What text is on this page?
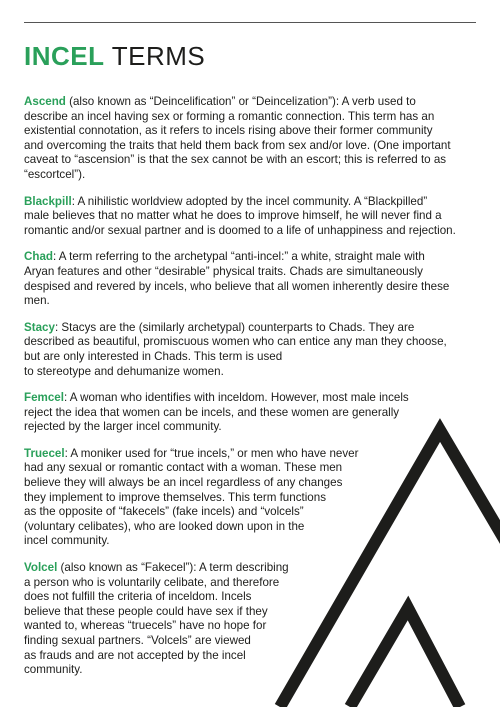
INCEL TERMS

Ascend (also known as “Deincelification” or “Deincelization”): A verb used to
describe an incel having sex or forming a romantic connection. This term has an
existential connotation, as it refers to incels rising above their former community
and overcoming the traits that held them back from sex and/or love. (One important
caveat to “ascension” is that the sex cannot be with an escort; this is referred to as
“escortcel”).

Blackpill: A nihilistic worldview adopted by the incel community. A “Blackpilled”
male believes that no matter what he does to improve himself, he will never find a
romantic and/or sexual partner and is doomed to a life of unhappiness and rejection.

Chad: A term referring to the archetypal “anti-incel:” a white, straight male with
Aryan features and other “desirable” physical traits. Chads are simultaneously
despised and revered by incels, who believe that all women inherently desire these
men.

Stacy: Stacys are the (similarly archetypal) counterparts to Chads. They are
described as beautiful, promiscuous women who can entice any man they choose,
but are only interested in Chads. This term is used
to stereotype and dehumanize women.

Femcel: A woman who identifies with inceldom. However, most male incels
reject the idea that women can be incels, and these women are generally
rejected by the larger incel community.

Truecel: A moniker used for “true incels,” or men who have never
had any sexual or romantic contact with a woman. These men
believe they will always be an incel regardless of any changes
they implement to improve themselves. This term functions
as the opposite of “fakecels” (fake incels) and “volcels”
(voluntary celibates), who are looked down upon in the
incel community.

Volcel (also known as “Fakecel”): A term describing
a person who is voluntarily celibate, and therefore
does not fulfill the criteria of inceldom. Incels
believe that these people could have sex if they
wanted to, whereas “truecels” have no hope for
finding sexual partners. “Volcels” are viewed
as frauds and are not accepted by the incel
community.
